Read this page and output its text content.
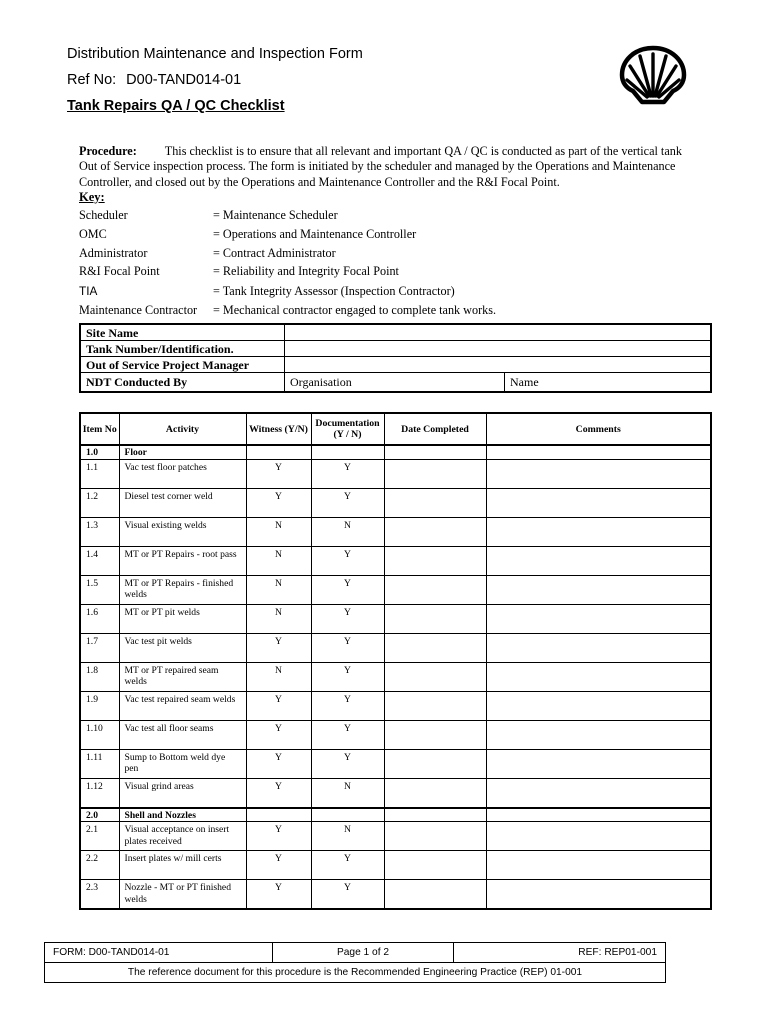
Distribution Maintenance and Inspection Form
Ref No: D00-TAND014-01
Tank Repairs QA / QC Checklist
Procedure: This checklist is to ensure that all relevant and important QA / QC is conducted as part of the vertical tank Out of Service inspection process. The form is initiated by the scheduler and managed by the Operations and Maintenance Controller, and closed out by the Operations and Maintenance Controller and the R&I Focal Point.
Key:
Scheduler	= Maintenance Scheduler
OMC	= Operations and Maintenance Controller
Administrator	= Contract Administrator
R&I Focal Point	= Reliability and Integrity Focal Point
TIA	= Tank Integrity Assessor (Inspection Contractor)
Maintenance Contractor = Mechanical contractor engaged to complete tank works.
Site Name		
Tank Number/Identification.		
Out of Service Project Manager		
NDT Conducted By	Organisation	Name
Item No	Activity	Witness (Y/N)	Documentation(Y / N)	Date Completed	Comments
1.0	Floor				
1.1	Vac test floor patches	Y	Y		
1.2	Diesel test corner weld	Y	Y		
1.3	Visual existing welds	N	N		
1.4	MT or PT Repairs - root pass	N	Y		
1.5	MT or PT Repairs - finished welds	N	Y		
1.6	MT or PT pit welds	N	Y		
1.7	Vac test pit welds	Y	Y		
1.8	MT or PT repaired seam welds	N	Y		
1.9	Vac test repaired seam welds	Y	Y		
1.10	Vac test all floor seams	Y	Y		
1.11	Sump to Bottom weld dye pen	Y	Y		
1.12	Visual grind areas	Y	N		
2.0	Shell and Nozzles				
2.1	Visual acceptance on insert plates received	Y	N		
2.2	Insert plates w/ mill certs	Y	Y		
2.3	Nozzle - MT or PT finished welds	Y	Y		
FORM: D00-TAND014-01	Page 1 of 2	REF: REP01-001
The reference document for this procedure is the Recommended Engineering Practice (REP) 01-001
